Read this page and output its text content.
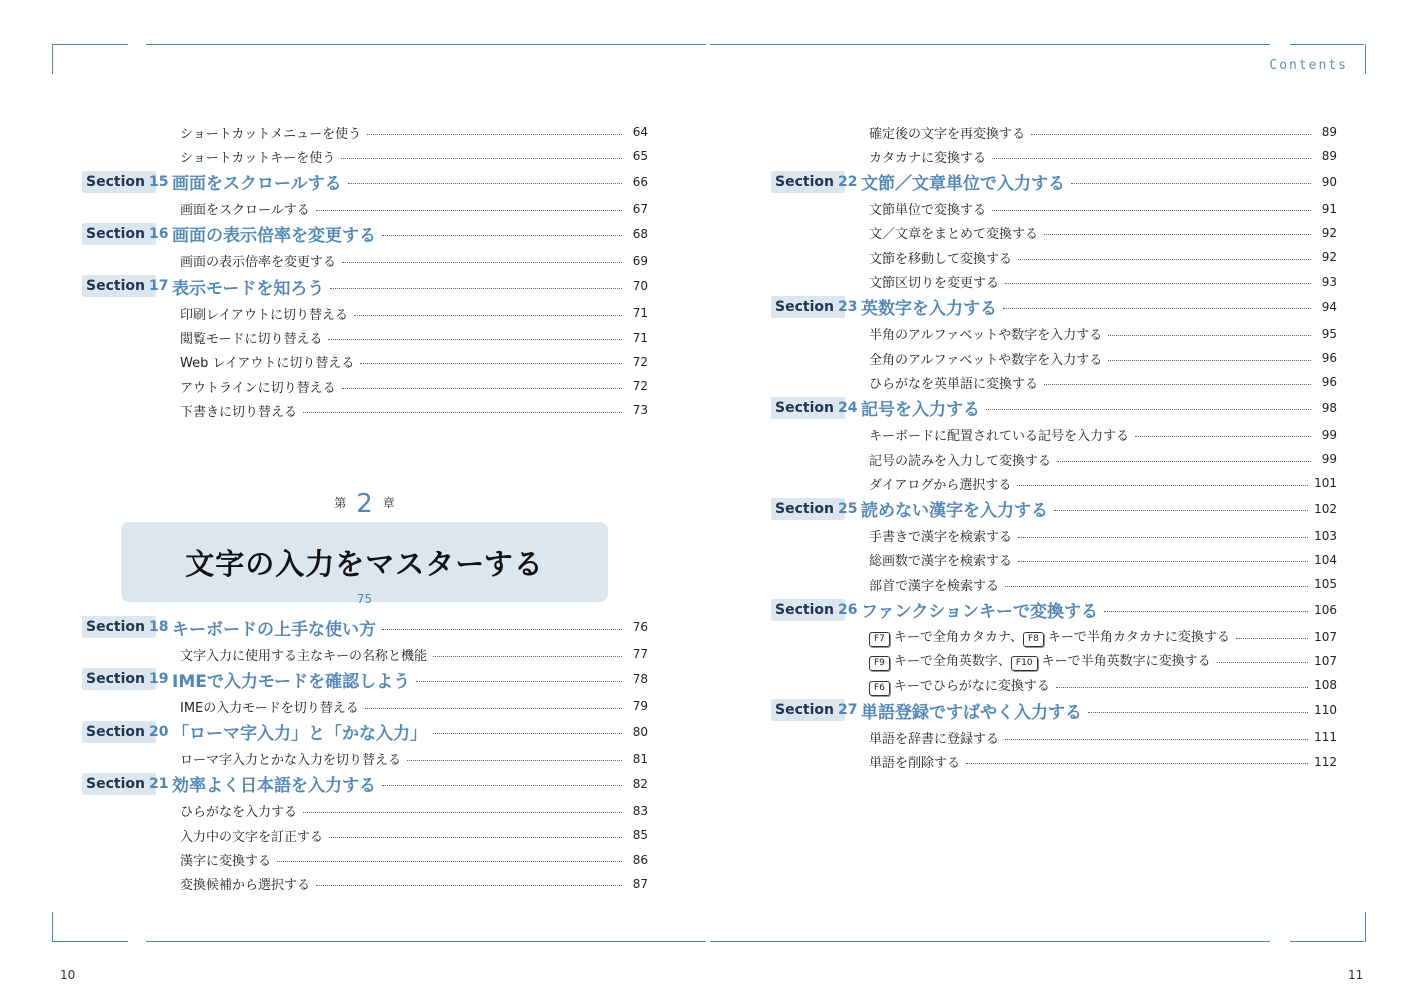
Contents
10	11
ショートカットメニューを使う	64
ショートカットキーを使う	65
Section 15 画面をスクロールする	66
画面をスクロールする	67
Section 16 画面の表示倍率を変更する	68
画面の表示倍率を変更する	69
Section 17 表示モードを知ろう	70
印刷レイアウトに切り替える	71
閲覧モードに切り替える	71
Web レイアウトに切り替える	72
アウトラインに切り替える	72
下書きに切り替える	73
第 2 章
文字の入力をマスターする
75
Section 18 キーボードの上手な使い方	76
文字入力に使用する主なキーの名称と機能	77
Section 19 IMEで入力モードを確認しよう	78
IMEの入力モードを切り替える	79
Section 20 「ローマ字入力」と「かな入力」	80
ローマ字入力とかな入力を切り替える	81
Section 21 効率よく日本語を入力する	82
ひらがなを入力する	83
入力中の文字を訂正する	85
漢字に変換する	86
変換候補から選択する	87
確定後の文字を再変換する	89
カタカナに変換する	89
Section 22 文節／文章単位で入力する	90
文節単位で変換する	91
文／文章をまとめて変換する	92
文節を移動して変換する	92
文節区切りを変更する	93
Section 23 英数字を入力する	94
半角のアルファベットや数字を入力する	95
全角のアルファベットや数字を入力する	96
ひらがなを英単語に変換する	96
Section 24 記号を入力する	98
キーボードに配置されている記号を入力する	99
記号の読みを入力して変換する	99
ダイアログから選択する	101
Section 25 読めない漢字を入力する	102
手書きで漢字を検索する	103
総画数で漢字を検索する	104
部首で漢字を検索する	105
Section 26 ファンクションキーで変換する	106
F7 キーで全角カタカナ、 F8 キーで半角カタカナに変換する	107
F9 キーで全角英数字、 F10 キーで半角英数字に変換する	107
F6 キーでひらがなに変換する	108
Section 27 単語登録ですばやく入力する	110
単語を辞書に登録する	111
単語を削除する	112
